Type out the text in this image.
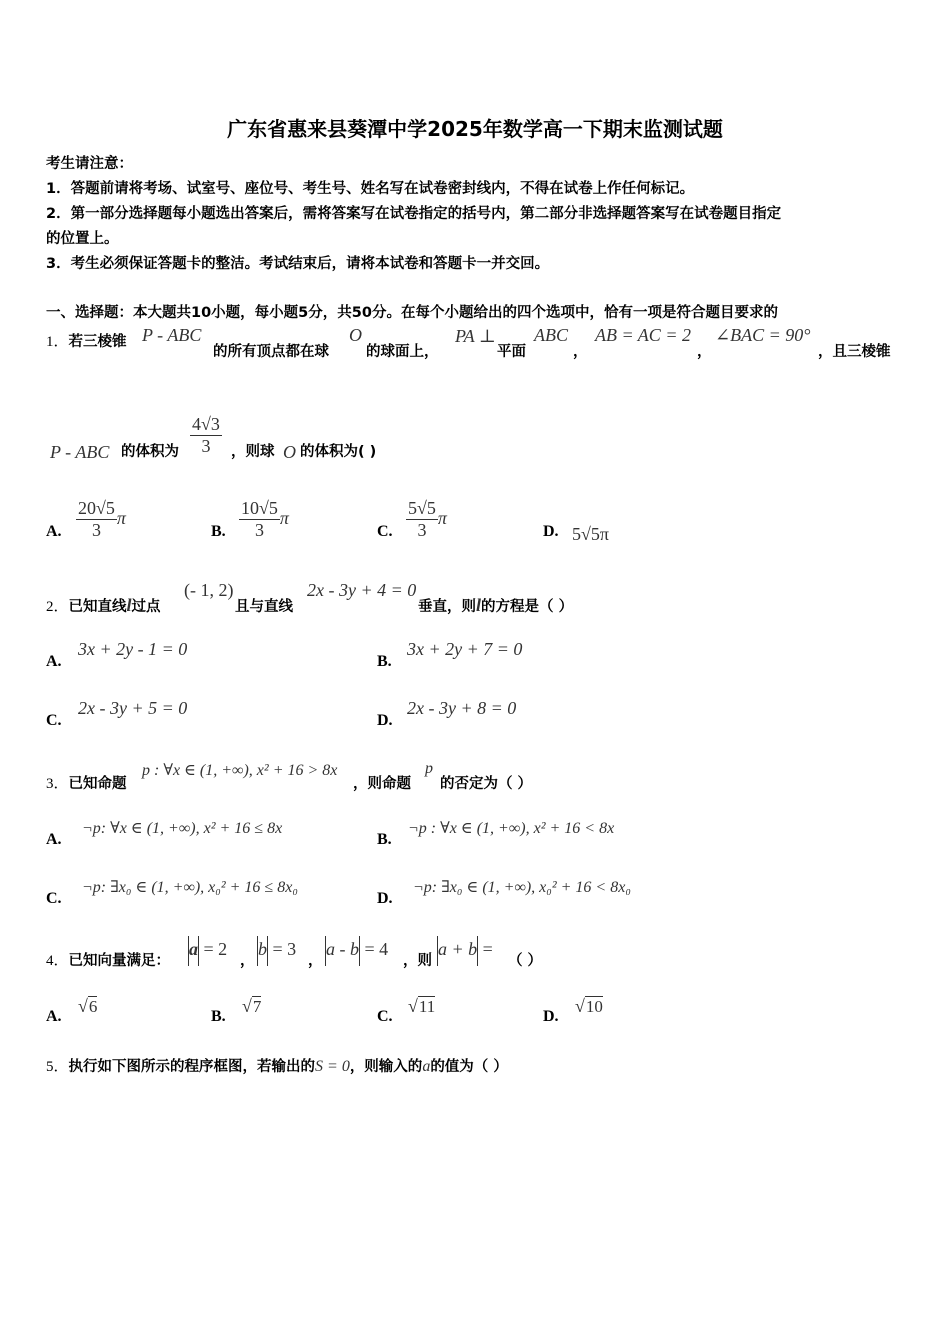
广东省惠来县葵潭中学2025年数学高一下期末监测试题
考生请注意：
1．答题前请将考场、试室号、座位号、考生号、姓名写在试卷密封线内，不得在试卷上作任何标记。
2．第一部分选择题每小题选出答案后，需将答案写在试卷指定的括号内，第二部分非选择题答案写在试卷题目指定
的位置上。
3．考生必须保证答题卡的整洁。考试结束后，请将本试卷和答题卡一并交回。
一、选择题：本大题共10小题，每小题5分，共50分。在每个小题给出的四个选项中，恰有一项是符合题目要求的
1．若三棱锥 P - ABC
的所有顶点都在球
O
的球面上，
PA ⊥
平面
ABC
，
AB = AC = 2
，
∠BAC = 90°
，且三棱锥
P - ABC 的体积为 $\frac{4√3}{3}$ ，则球 O 的体积为( )
A. $\frac{20√5}{3}$ π
B. $\frac{10√5}{3}$ π
C. $\frac{5√5}{3}$ π
D. 5√5π
2．已知直线l过点
(- 1, 2)
且与直线
2x - 3y + 4 = 0
垂直，则l的方程是（ ）
A.
3x + 2y - 1 = 0
B.
3x + 2y + 7 = 0
C.
2x - 3y + 5 = 0
D.
2x - 3y + 8 = 0
3．已知命题
p : ∀x ∈ (1, +∞), x² + 16 > 8x
，则命题
p
的否定为（ ）
A.
¬p: ∀x ∈ (1, +∞), x² + 16 ≤ 8x
B.
¬p : ∀x ∈ (1, +∞), x² + 16 < 8x
C.
¬p: ∃x₀ ∈ (1, +∞), x₀² + 16 ≤ 8x₀
D.
¬p: ∃x₀ ∈ (1, +∞), x₀² + 16 < 8x₀
4．已知向量满足：
a = 2
，
b = 3
，
a - b = 4
，则
a + b =
（ ）
A.
√6
B.
√7
C.
√11
D.
√10
5．执行如下图所示的程序框图，若输出的S = 0，则输入的a的值为（ ）
